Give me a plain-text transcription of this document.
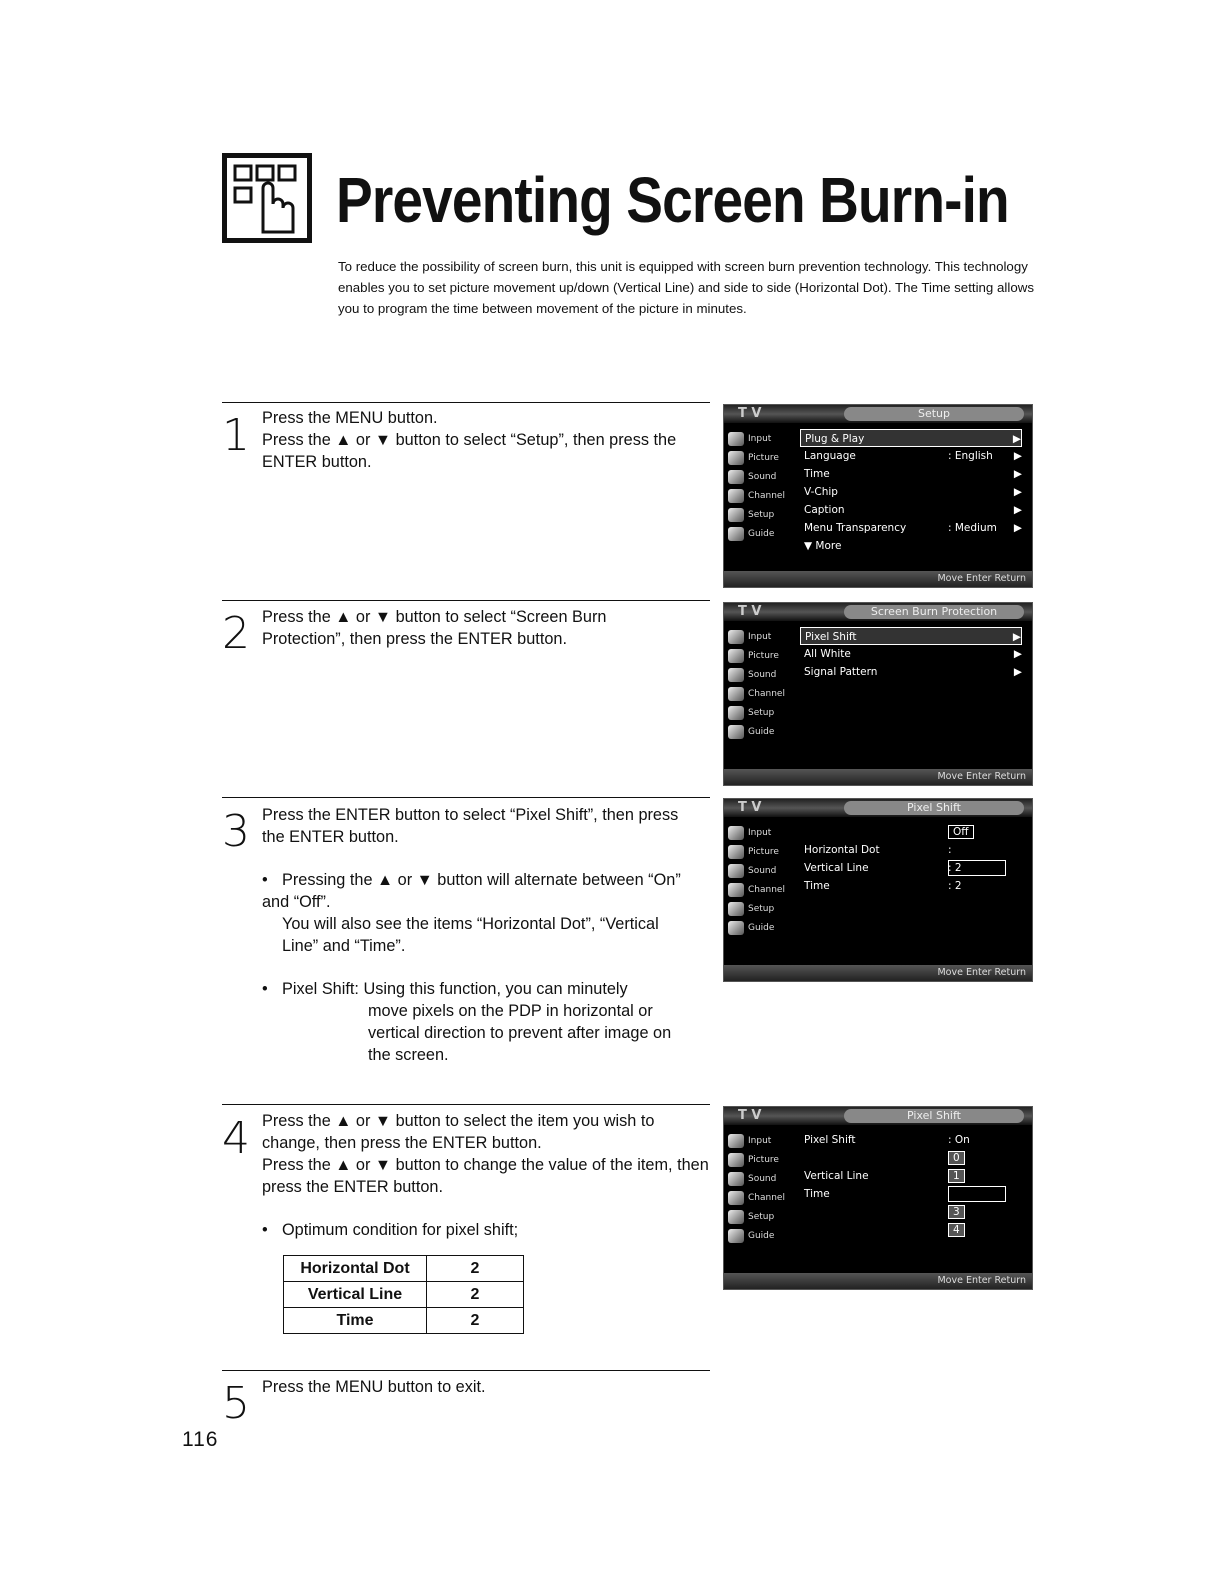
Preventing Screen Burn-in
To reduce the possibility of screen burn, this unit is equipped with screen burn prevention technology. This technology enables you to set picture movement up/down (Vertical Line) and side to side (Horizontal Dot). The Time setting allows you to program the time between movement of the picture in minutes.
1 Press the MENU button.

Press the ▲ or ▼ button to select “Setup”, then press the ENTER button.

2 Press the ▲ or ▼ button to select “Screen Burn Protection”, then press the ENTER button.

3 Press the ENTER button to select “Pixel Shift”, then press the ENTER button.

• Pressing the ▲ or ▼ button will alternate between “On” and “Off”.
You will also see the items “Horizontal Dot”, “Vertical Line” and “Time”.
• Pixel Shift: Using this function, you can minutely
move pixels on the PDP in horizontal or vertical direction to prevent after image on the screen.
4 Press the ▲ or ▼ button to select the item you wish to change, then press the ENTER button.

Press the ▲ or ▼ button to change the value of the item, then press the ENTER button.

• Optimum condition for pixel shift;
Horizontal Dot	2
Vertical Line	2
Time	2
5 Press the MENU button to exit.

116
T V	Setup
Input
Picture
Sound
Channel
Setup
Guide
Plug & Play	▶
Language	: English	▶
Time	▶
V-Chip	▶
Caption	▶
Menu Transparency	: Medium	▶
▼ More
Move Enter Return
T V	Screen Burn Protection
Input
Picture
Sound
Channel
Setup
Guide
Pixel Shift	▶
All White	▶
Signal Pattern	▶
Move Enter Return
T V	Pixel Shift
Input
Picture
Sound
Channel
Setup
Guide
Off
Horizontal Dot	:
Vertical Line	: 2
Time	: 2
Move Enter Return
T V	Pixel Shift
Input
Picture
Sound
Channel
Setup
Guide
Pixel Shift	: On
0
Vertical Line	1
Time
3
4
Move Enter Return
